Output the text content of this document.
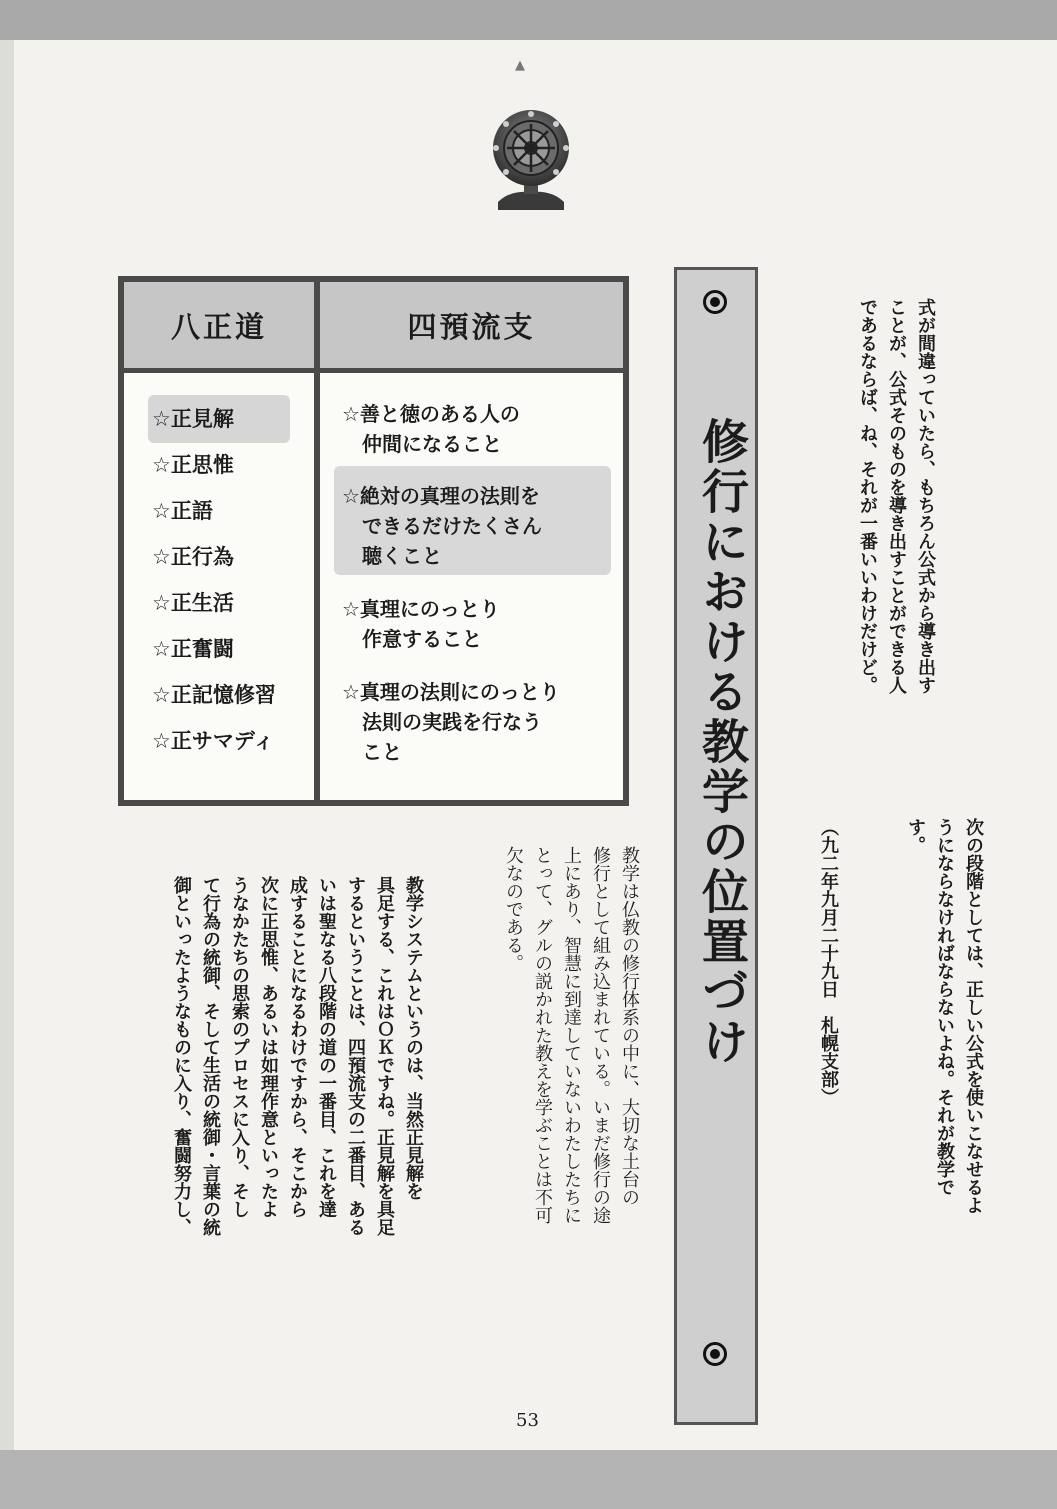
▲
八正道
☆正見解
☆正思惟
☆正語
☆正行為
☆正生活
☆正奮闘
☆正記憶修習
☆正サマディ
四預流支
☆善と徳のある人の
仲間になること
☆絶対の真理の法則を
できるだけたくさん
聴くこと
☆真理にのっとり
作意すること
☆真理の法則にのっとり
法則の実践を行なう
こと	修行における教学の位置づけ	式が間違っていたら、もちろん公式から導き出す
ことが、公式そのものを導き出すことができる人
であるならば、ね、それが一番いいわけだけど。
次の段階としては、正しい公式を使いこなせるよ
うにならなければならないよね。それが教学で
す。

（九二年九月二十九日　札幌支部）
教学は仏教の修行体系の中に、大切な土台の
修行として組み込まれている。いまだ修行の途
上にあり、智慧に到達していないわたしたちに
とって、グルの説かれた教えを学ぶことは不可
欠なのである。
教学システムというのは、当然正見解を
具足する、これはＯＫですね。正見解を具足
するということは、四預流支の二番目、ある
いは聖なる八段階の道の一番目、これを達
成することになるわけですから、そこから
次に正思惟、あるいは如理作意といったよ
うなかたちの思索のプロセスに入り、そし
て行為の統御、そして生活の統御・言葉の統
御といったようなものに入り、奮闘努力し、
53
